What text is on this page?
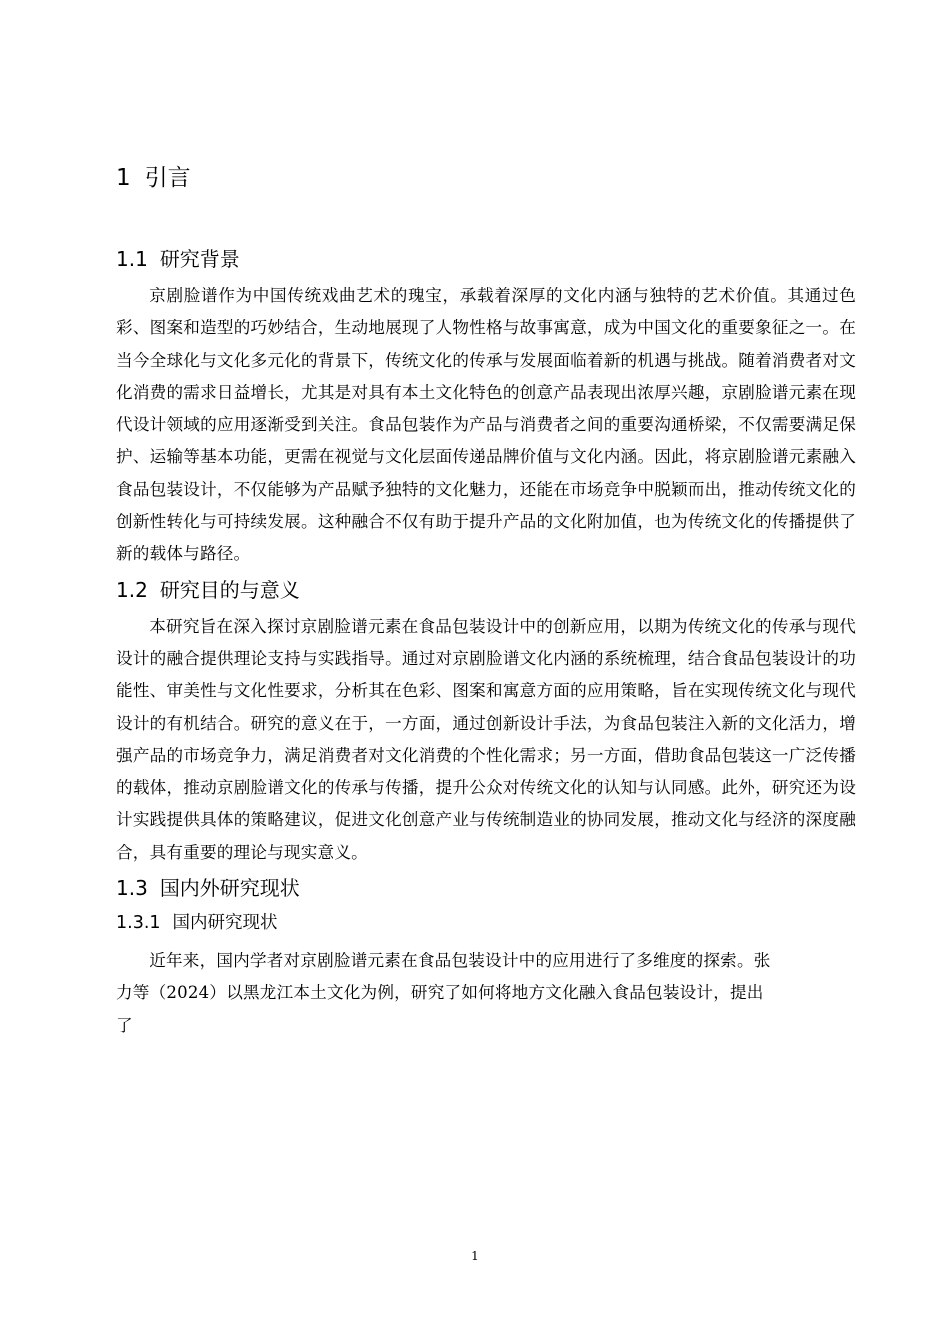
1 引言
1.1 研究背景

京剧脸谱作为中国传统戏曲艺术的瑰宝，承载着深厚的文化内涵与独特的艺术价值。其通过色彩、图案和造型的巧妙结合，生动地展现了人物性格与故事寓意，成为中国文化的重要象征之一。在当今全球化与文化多元化的背景下，传统文化的传承与发展面临着新的机遇与挑战。随着消费者对文化消费的需求日益增长，尤其是对具有本土文化特色的创意产品表现出浓厚兴趣，京剧脸谱元素在现代设计领域的应用逐渐受到关注。食品包装作为产品与消费者之间的重要沟通桥梁，不仅需要满足保护、运输等基本功能，更需在视觉与文化层面传递品牌价值与文化内涵。因此，将京剧脸谱元素融入食品包装设计，不仅能够为产品赋予独特的文化魅力，还能在市场竞争中脱颖而出，推动传统文化的创新性转化与可持续发展。这种融合不仅有助于提升产品的文化附加值，也为传统文化的传播提供了新的载体与路径。

1.2 研究目的与意义

本研究旨在深入探讨京剧脸谱元素在食品包装设计中的创新应用，以期为传统文化的传承与现代设计的融合提供理论支持与实践指导。通过对京剧脸谱文化内涵的系统梳理，结合食品包装设计的功能性、审美性与文化性要求，分析其在色彩、图案和寓意方面的应用策略，旨在实现传统文化与现代设计的有机结合。研究的意义在于，一方面，通过创新设计手法，为食品包装注入新的文化活力，增强产品的市场竞争力，满足消费者对文化消费的个性化需求；另一方面，借助食品包装这一广泛传播的载体，推动京剧脸谱文化的传承与传播，提升公众对传统文化的认知与认同感。此外，研究还为设计实践提供具体的策略建议，促进文化创意产业与传统制造业的协同发展，推动文化与经济的深度融合，具有重要的理论与现实意义。

1.3 国内外研究现状
1.3.1 国内研究现状

近年来，国内学者对京剧脸谱元素在食品包装设计中的应用进行了多维度的探索。张
力等（2024）以黑龙江本土文化为例，研究了如何将地方文化融入食品包装设计，提出
了

1
